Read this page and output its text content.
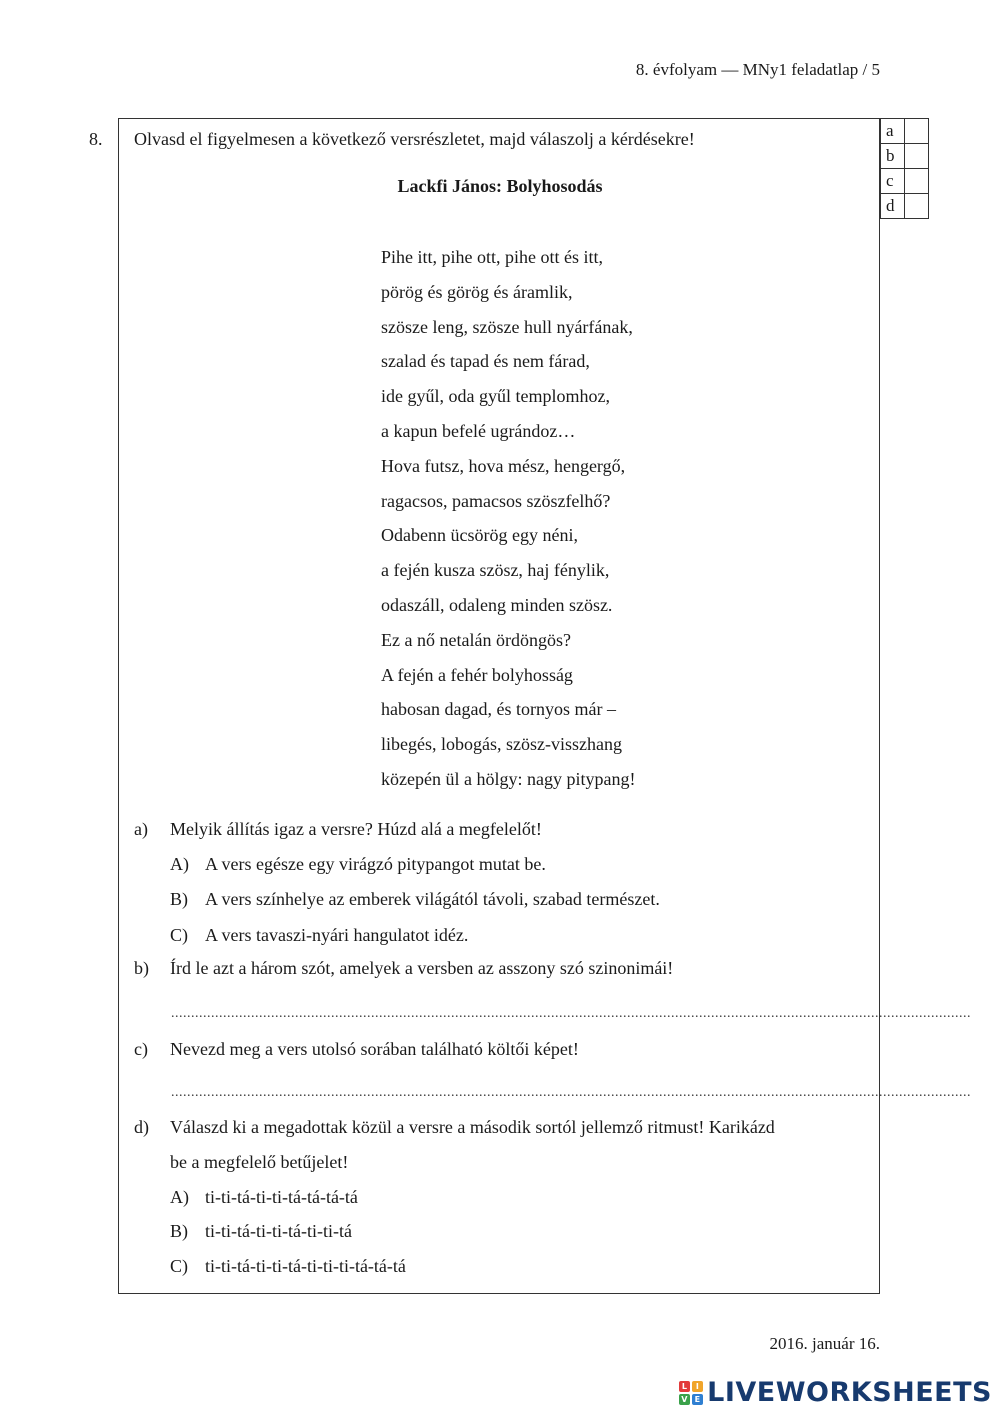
8. évfolyam — MNy1 feladatlap / 5
8.	a	
b	
c	
d	
Olvasd el figyelmesen a következő versrészletet, majd válaszolj a kérdésekre!
Lackfi János: Bolyhosodás
Pihe itt, pihe ott, pihe ott és itt,
pörög és görög és áramlik,
szösze leng, szösze hull nyárfának,
szalad és tapad és nem fárad,
ide gyűl, oda gyűl templomhoz,
a kapun befelé ugrándoz…
Hova futsz, hova mész, hengergő,
ragacsos, pamacsos szöszfelhő?
Odabenn ücsörög egy néni,
a fején kusza szösz, haj fénylik,
odaszáll, odaleng minden szösz.
Ez a nő netalán ördöngös?
A fején a fehér bolyhosság
habosan dagad, és tornyos már –
libegés, lobogás, szösz-visszhang
közepén ül a hölgy: nagy pitypang!
a) Melyik állítás igaz a versre? Húzd alá a megfelelőt!
A) A vers egésze egy virágzó pitypangot mutat be.
B) A vers színhelye az emberek világától távoli, szabad természet.
C) A vers tavaszi-nyári hangulatot idéz.
b) Írd le azt a három szót, amelyek a versben az asszony szó szinonimái!
........................................................................................................................................................................................................
c) Nevezd meg a vers utolsó sorában található költői képet!
........................................................................................................................................................................................................
d) Válaszd ki a megadottak közül a versre a második sortól jellemző ritmust! Karikázd
be a megfelelő betűjelet!
A) ti-ti-tá-ti-ti-tá-tá-tá-tá
B) ti-ti-tá-ti-ti-tá-ti-ti-tá
C) ti-ti-tá-ti-ti-tá-ti-ti-ti-tá-tá-tá
2016. január 16.
L	I
V E LIVEWORKSHEETS
